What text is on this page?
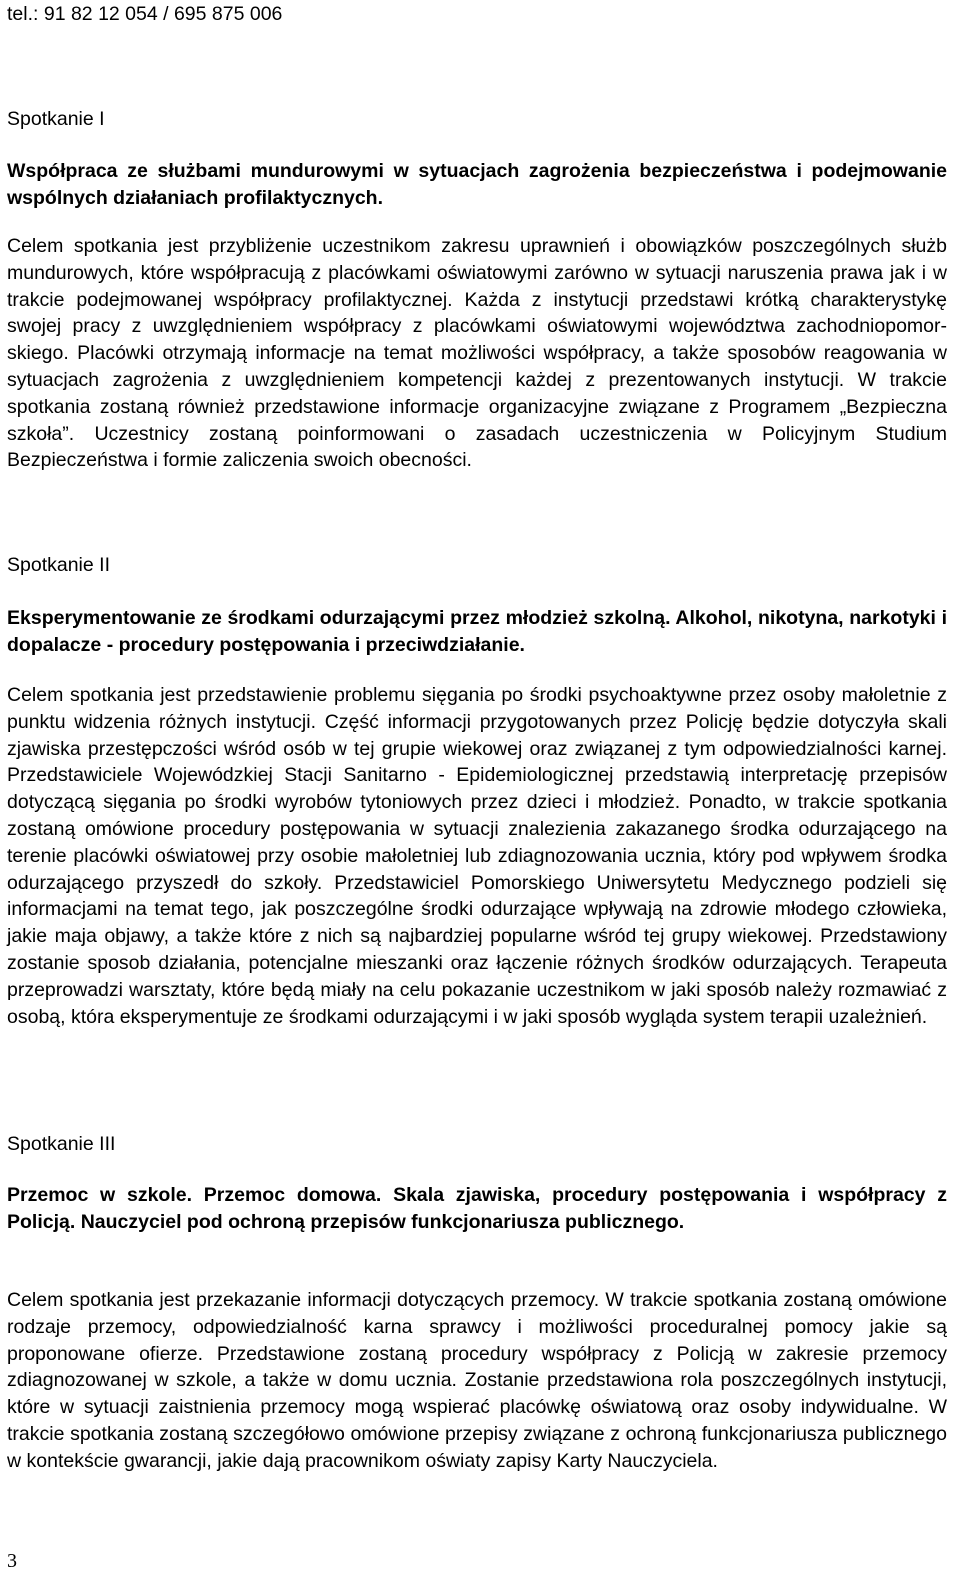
tel.: 91 82 12 054 / 695 875 006

Spotkanie I

Współpraca ze służbami mundurowymi w sytuacjach zagrożenia bezpieczeństwa i podejmowanie wspólnych działaniach profilaktycznych.

Celem spotkania jest przybliżenie uczestnikom zakresu uprawnień i obowiązków poszczególnych służb mundurowych, które współpracują z placówkami oświatowymi zarówno w sytuacji naruszenia prawa jak i w trakcie podejmowanej współpracy profilaktycznej. Każda z instytucji przedstawi krótką charakterystykę swojej pracy z uwzględnieniem współpracy z placówkami oświatowymi województwa zachodniopomorskiego. Placówki otrzymają informacje na temat możliwości współpracy, a także sposobów reagowania w sytuacjach zagrożenia z uwzględnieniem kompetencji każdej z prezentowanych instytucji. W trakcie spotkania zostaną również przedstawione informacje organizacyjne związane z Programem „Bezpieczna szkoła”. Uczestnicy zostaną poinformowani o zasadach uczestniczenia w Policyjnym Studium Bezpieczeństwa i formie zaliczenia swoich obecności.

Spotkanie II

Eksperymentowanie ze środkami odurzającymi przez młodzież szkolną. Alkohol, nikotyna, narkotyki i dopalacze - procedury postępowania i przeciwdziałanie.

Celem spotkania jest przedstawienie problemu sięgania po środki psychoaktywne przez osoby małoletnie z punktu widzenia różnych instytucji. Część informacji przygotowanych przez Policję będzie dotyczyła skali zjawiska przestępczości wśród osób w tej grupie wiekowej oraz związanej z tym odpowiedzialności karnej. Przedstawiciele Wojewódzkiej Stacji Sanitarno - Epidemiologicznej przedstawią interpretację przepisów dotyczącą sięgania po środki wyrobów tytoniowych przez dzieci i młodzież. Ponadto, w trakcie spotkania zostaną omówione procedury postępowania w sytuacji znalezienia zakazanego środka odurzającego na terenie placówki oświatowej przy osobie małoletniej lub zdiagnozowania ucznia, który pod wpływem środka odurzającego przyszedł do szkoły. Przedstawiciel Pomorskiego Uniwersytetu Medycznego podzieli się informacjami na temat tego, jak poszczególne środki odurzające wpływają na zdrowie młodego człowieka, jakie maja objawy, a także które z nich są najbardziej popularne wśród tej grupy wiekowej. Przedstawiony zostanie sposob działania, potencjalne mieszanki oraz łączenie różnych środków odurzających. Terapeuta przeprowadzi warsztaty, które będą miały na celu pokazanie uczestnikom w jaki sposób należy rozmawiać z osobą, która eksperymentuje ze środkami odurzającymi i w jaki sposób wygląda system terapii uzależnień.

Spotkanie III

Przemoc w szkole. Przemoc domowa. Skala zjawiska, procedury postępowania i współpracy z Policją. Nauczyciel pod ochroną przepisów funkcjonariusza publicznego.

Celem spotkania jest przekazanie informacji dotyczących przemocy. W trakcie spotkania zostaną omówione rodzaje przemocy, odpowiedzialność karna sprawcy i możliwości proceduralnej pomocy jakie są proponowane ofierze. Przedstawione zostaną procedury współpracy z Policją w zakresie przemocy zdiagnozowanej w szkole, a także w domu ucznia. Zostanie przedstawiona rola poszczególnych instytucji, które w sytuacji zaistnienia przemocy mogą wspierać placówkę oświatową oraz osoby indywidualne. W trakcie spotkania zostaną szczegółowo omówione przepisy związane z ochroną funkcjonariusza publicznego w kontekście gwarancji, jakie dają pracownikom oświaty zapisy Karty Nauczyciela.

3
